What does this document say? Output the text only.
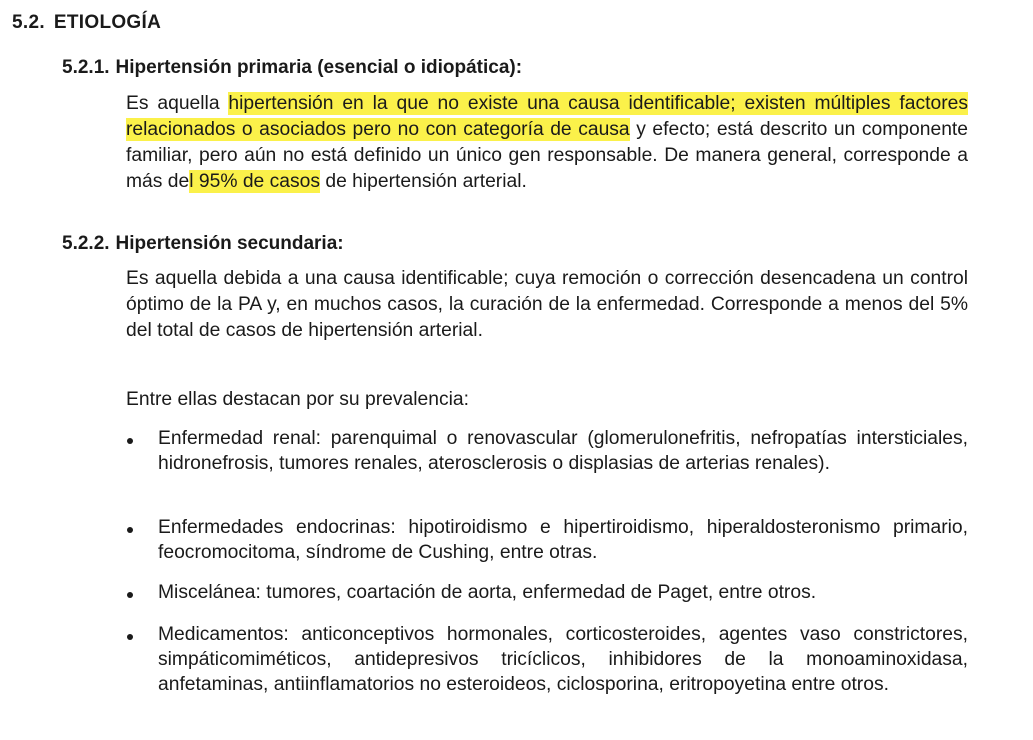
5.2. ETIOLOGÍA
5.2.1. Hipertensión primaria (esencial o idiopática):
Es aquella hipertensión en la que no existe una causa identificable; existen múltiples factores relacionados o asociados pero no con categoría de causa y efecto; está descrito un componente familiar, pero aún no está definido un único gen responsable. De manera general, corresponde a más del 95% de casos de hipertensión arterial.
5.2.2. Hipertensión secundaria:
Es aquella debida a una causa identificable; cuya remoción o corrección desencadena un control óptimo de la PA y, en muchos casos, la curación de la enfermedad. Corresponde a menos del 5% del total de casos de hipertensión arterial.
Entre ellas destacan por su prevalencia:
Enfermedad renal: parenquimal o renovascular (glomerulonefritis, nefropatías intersticiales, hidronefrosis, tumores renales, aterosclerosis o displasias de arterias renales).
Enfermedades endocrinas: hipotiroidismo e hipertiroidismo, hiperaldosteronismo primario, feocromocitoma, síndrome de Cushing, entre otras.
Miscelánea: tumores, coartación de aorta, enfermedad de Paget, entre otros.
Medicamentos: anticonceptivos hormonales, corticosteroides, agentes vaso constrictores, simpáticomiméticos, antidepresivos tricíclicos, inhibidores de la monoaminoxidasa, anfetaminas, antiinflamatorios no esteroideos, ciclosporina, eritropoyetina entre otros.
